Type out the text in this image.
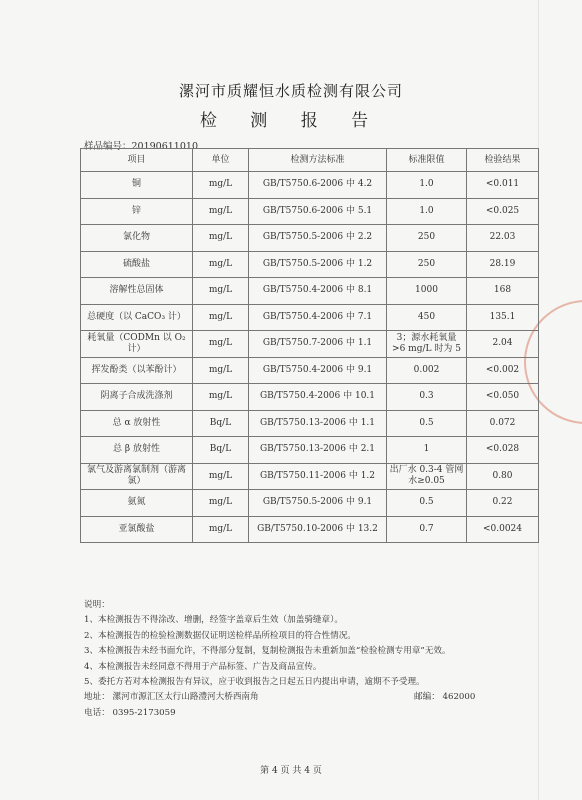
漯河市质耀恒水质检测有限公司
检 测 报 告
样品编号：20190611010
项目	单位	检测方法标准	标准限值	检验结果
铜	mg/L	GB/T5750.6-2006 中 4.2	1.0	<0.011
锌	mg/L	GB/T5750.6-2006 中 5.1	1.0	<0.025
氯化物	mg/L	GB/T5750.5-2006 中 2.2	250	22.03
硫酸盐	mg/L	GB/T5750.5-2006 中 1.2	250	28.19
溶解性总固体	mg/L	GB/T5750.4-2006 中 8.1	1000	168
总硬度（以 CaCO₃ 计）	mg/L	GB/T5750.4-2006 中 7.1	450	135.1
耗氧量（CODMn 以 O₂ 计）	mg/L	GB/T5750.7-2006 中 1.1	3；源水耗氧量 >6 mg/L 时为 5	2.04
挥发酚类（以苯酚计）	mg/L	GB/T5750.4-2006 中 9.1	0.002	<0.002
阴离子合成洗涤剂	mg/L	GB/T5750.4-2006 中 10.1	0.3	<0.050
总 α 放射性	Bq/L	GB/T5750.13-2006 中 1.1	0.5	0.072
总 β 放射性	Bq/L	GB/T5750.13-2006 中 2.1	1	<0.028
氯气及游离氯制剂（游离氯）	mg/L	GB/T5750.11-2006 中 1.2	出厂水 0.3-4 管网水≥0.05	0.80
氨氮	mg/L	GB/T5750.5-2006 中 9.1	0.5	0.22
亚氯酸盐	mg/L	GB/T5750.10-2006 中 13.2	0.7	<0.0024
说明：
1、本检测报告不得涂改、增删，经签字盖章后生效（加盖骑缝章）。
2、本检测报告的检验检测数据仅证明送检样品所检项目的符合性情况。
3、本检测报告未经书面允许，不得部分复制，复制检测报告未重新加盖“检验检测专用章”无效。
4、本检测报告未经同意不得用于产品标签、广告及商品宣传。
5、委托方若对本检测报告有异议，应于收到报告之日起五日内提出申请，逾期不予受理。
地址： 漯河市源汇区太行山路澧河大桥西南角	邮编： 462000
电话： 0395-2173059
第 4 页 共 4 页
